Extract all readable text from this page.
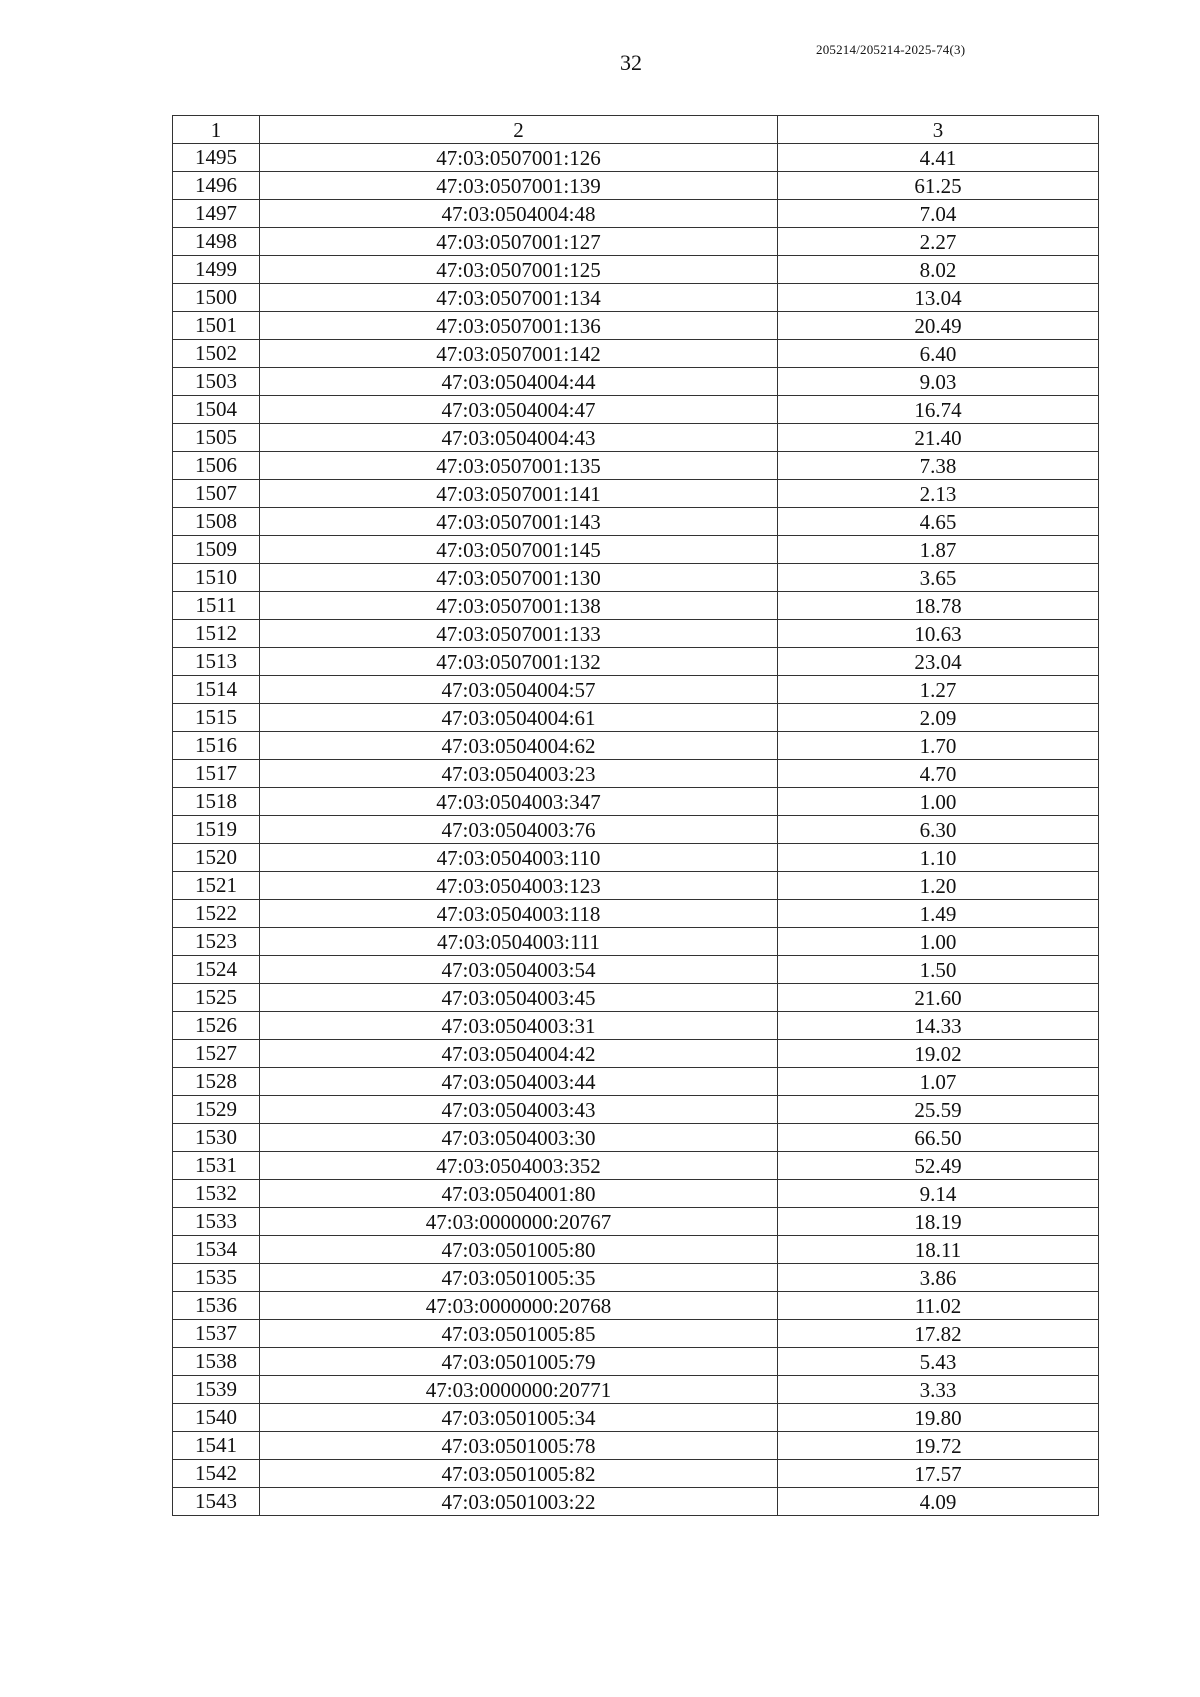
32
205214/205214-2025-74(3)
1	2	3
1495	47:03:0507001:126	4.41
1496	47:03:0507001:139	61.25
1497	47:03:0504004:48	7.04
1498	47:03:0507001:127	2.27
1499	47:03:0507001:125	8.02
1500	47:03:0507001:134	13.04
1501	47:03:0507001:136	20.49
1502	47:03:0507001:142	6.40
1503	47:03:0504004:44	9.03
1504	47:03:0504004:47	16.74
1505	47:03:0504004:43	21.40
1506	47:03:0507001:135	7.38
1507	47:03:0507001:141	2.13
1508	47:03:0507001:143	4.65
1509	47:03:0507001:145	1.87
1510	47:03:0507001:130	3.65
1511	47:03:0507001:138	18.78
1512	47:03:0507001:133	10.63
1513	47:03:0507001:132	23.04
1514	47:03:0504004:57	1.27
1515	47:03:0504004:61	2.09
1516	47:03:0504004:62	1.70
1517	47:03:0504003:23	4.70
1518	47:03:0504003:347	1.00
1519	47:03:0504003:76	6.30
1520	47:03:0504003:110	1.10
1521	47:03:0504003:123	1.20
1522	47:03:0504003:118	1.49
1523	47:03:0504003:111	1.00
1524	47:03:0504003:54	1.50
1525	47:03:0504003:45	21.60
1526	47:03:0504003:31	14.33
1527	47:03:0504004:42	19.02
1528	47:03:0504003:44	1.07
1529	47:03:0504003:43	25.59
1530	47:03:0504003:30	66.50
1531	47:03:0504003:352	52.49
1532	47:03:0504001:80	9.14
1533	47:03:0000000:20767	18.19
1534	47:03:0501005:80	18.11
1535	47:03:0501005:35	3.86
1536	47:03:0000000:20768	11.02
1537	47:03:0501005:85	17.82
1538	47:03:0501005:79	5.43
1539	47:03:0000000:20771	3.33
1540	47:03:0501005:34	19.80
1541	47:03:0501005:78	19.72
1542	47:03:0501005:82	17.57
1543	47:03:0501003:22	4.09
